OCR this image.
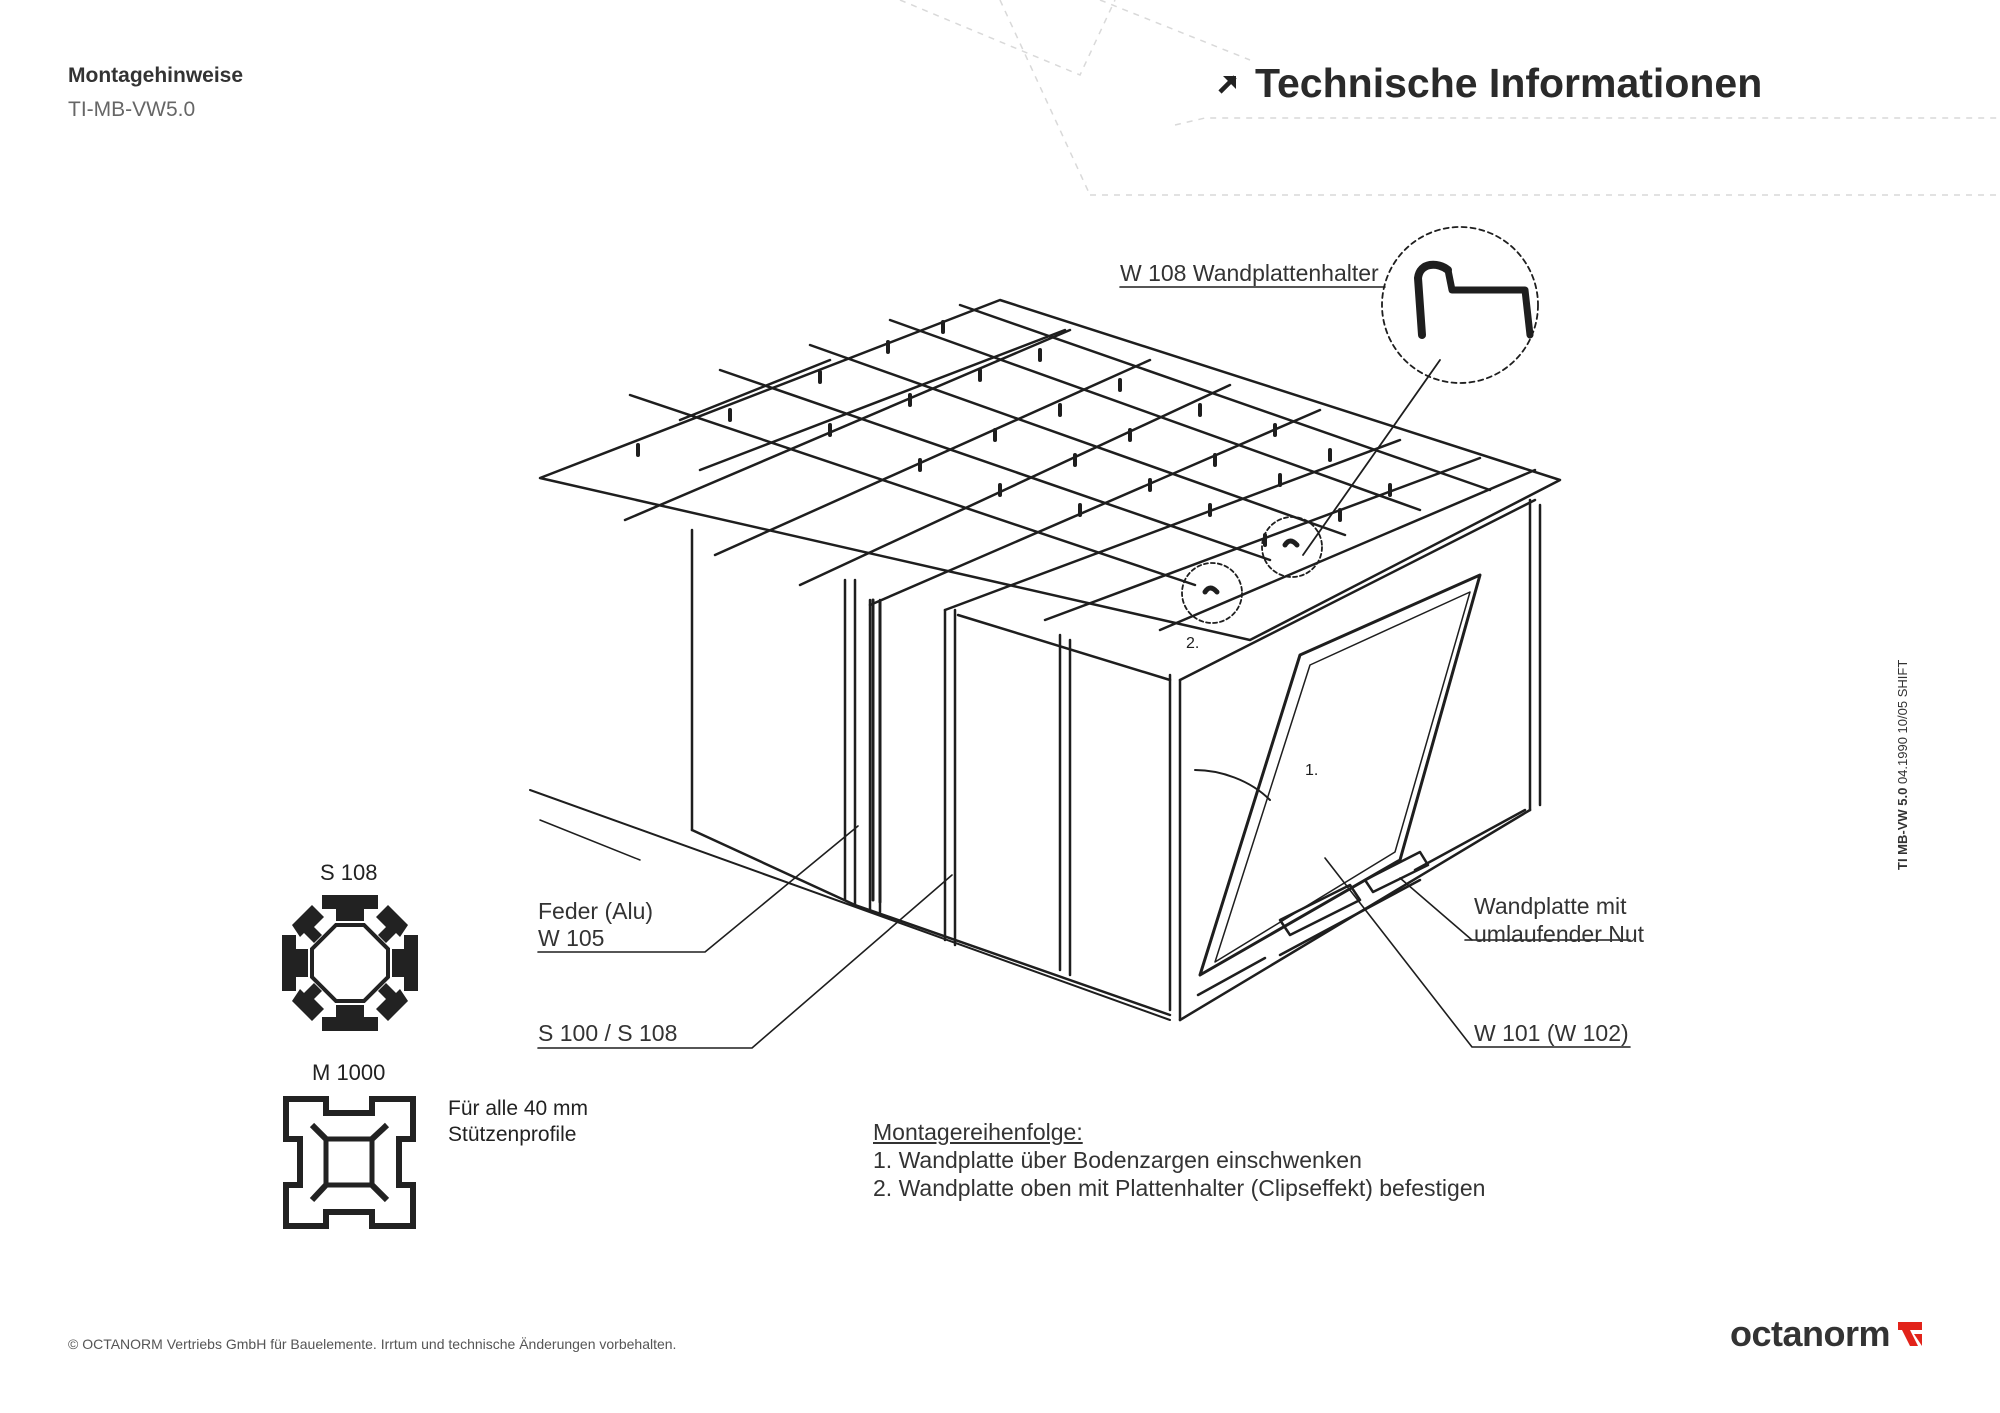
Montagehinweise
TI-MB-VW5.0
Technische Informationen
2.
1.
W 108 Wandplattenhalter
Feder (Alu)
W 105
S 100 / S 108
Wandplatte mit
umlaufender Nut
W 101 (W 102)
S 108
M 1000
Für alle 40 mm
Stützenprofile	Montagereihenfolge:
1. Wandplatte über Bodenzargen einschwenken
2. Wandplatte oben mit Plattenhalter (Clipseffekt) befestigen
TI MB-VW 5.0 04.1990 10/05 SHIFT
© OCTANORM Vertriebs GmbH für Bauelemente. Irrtum und technische Änderungen vorbehalten.	octanorm
